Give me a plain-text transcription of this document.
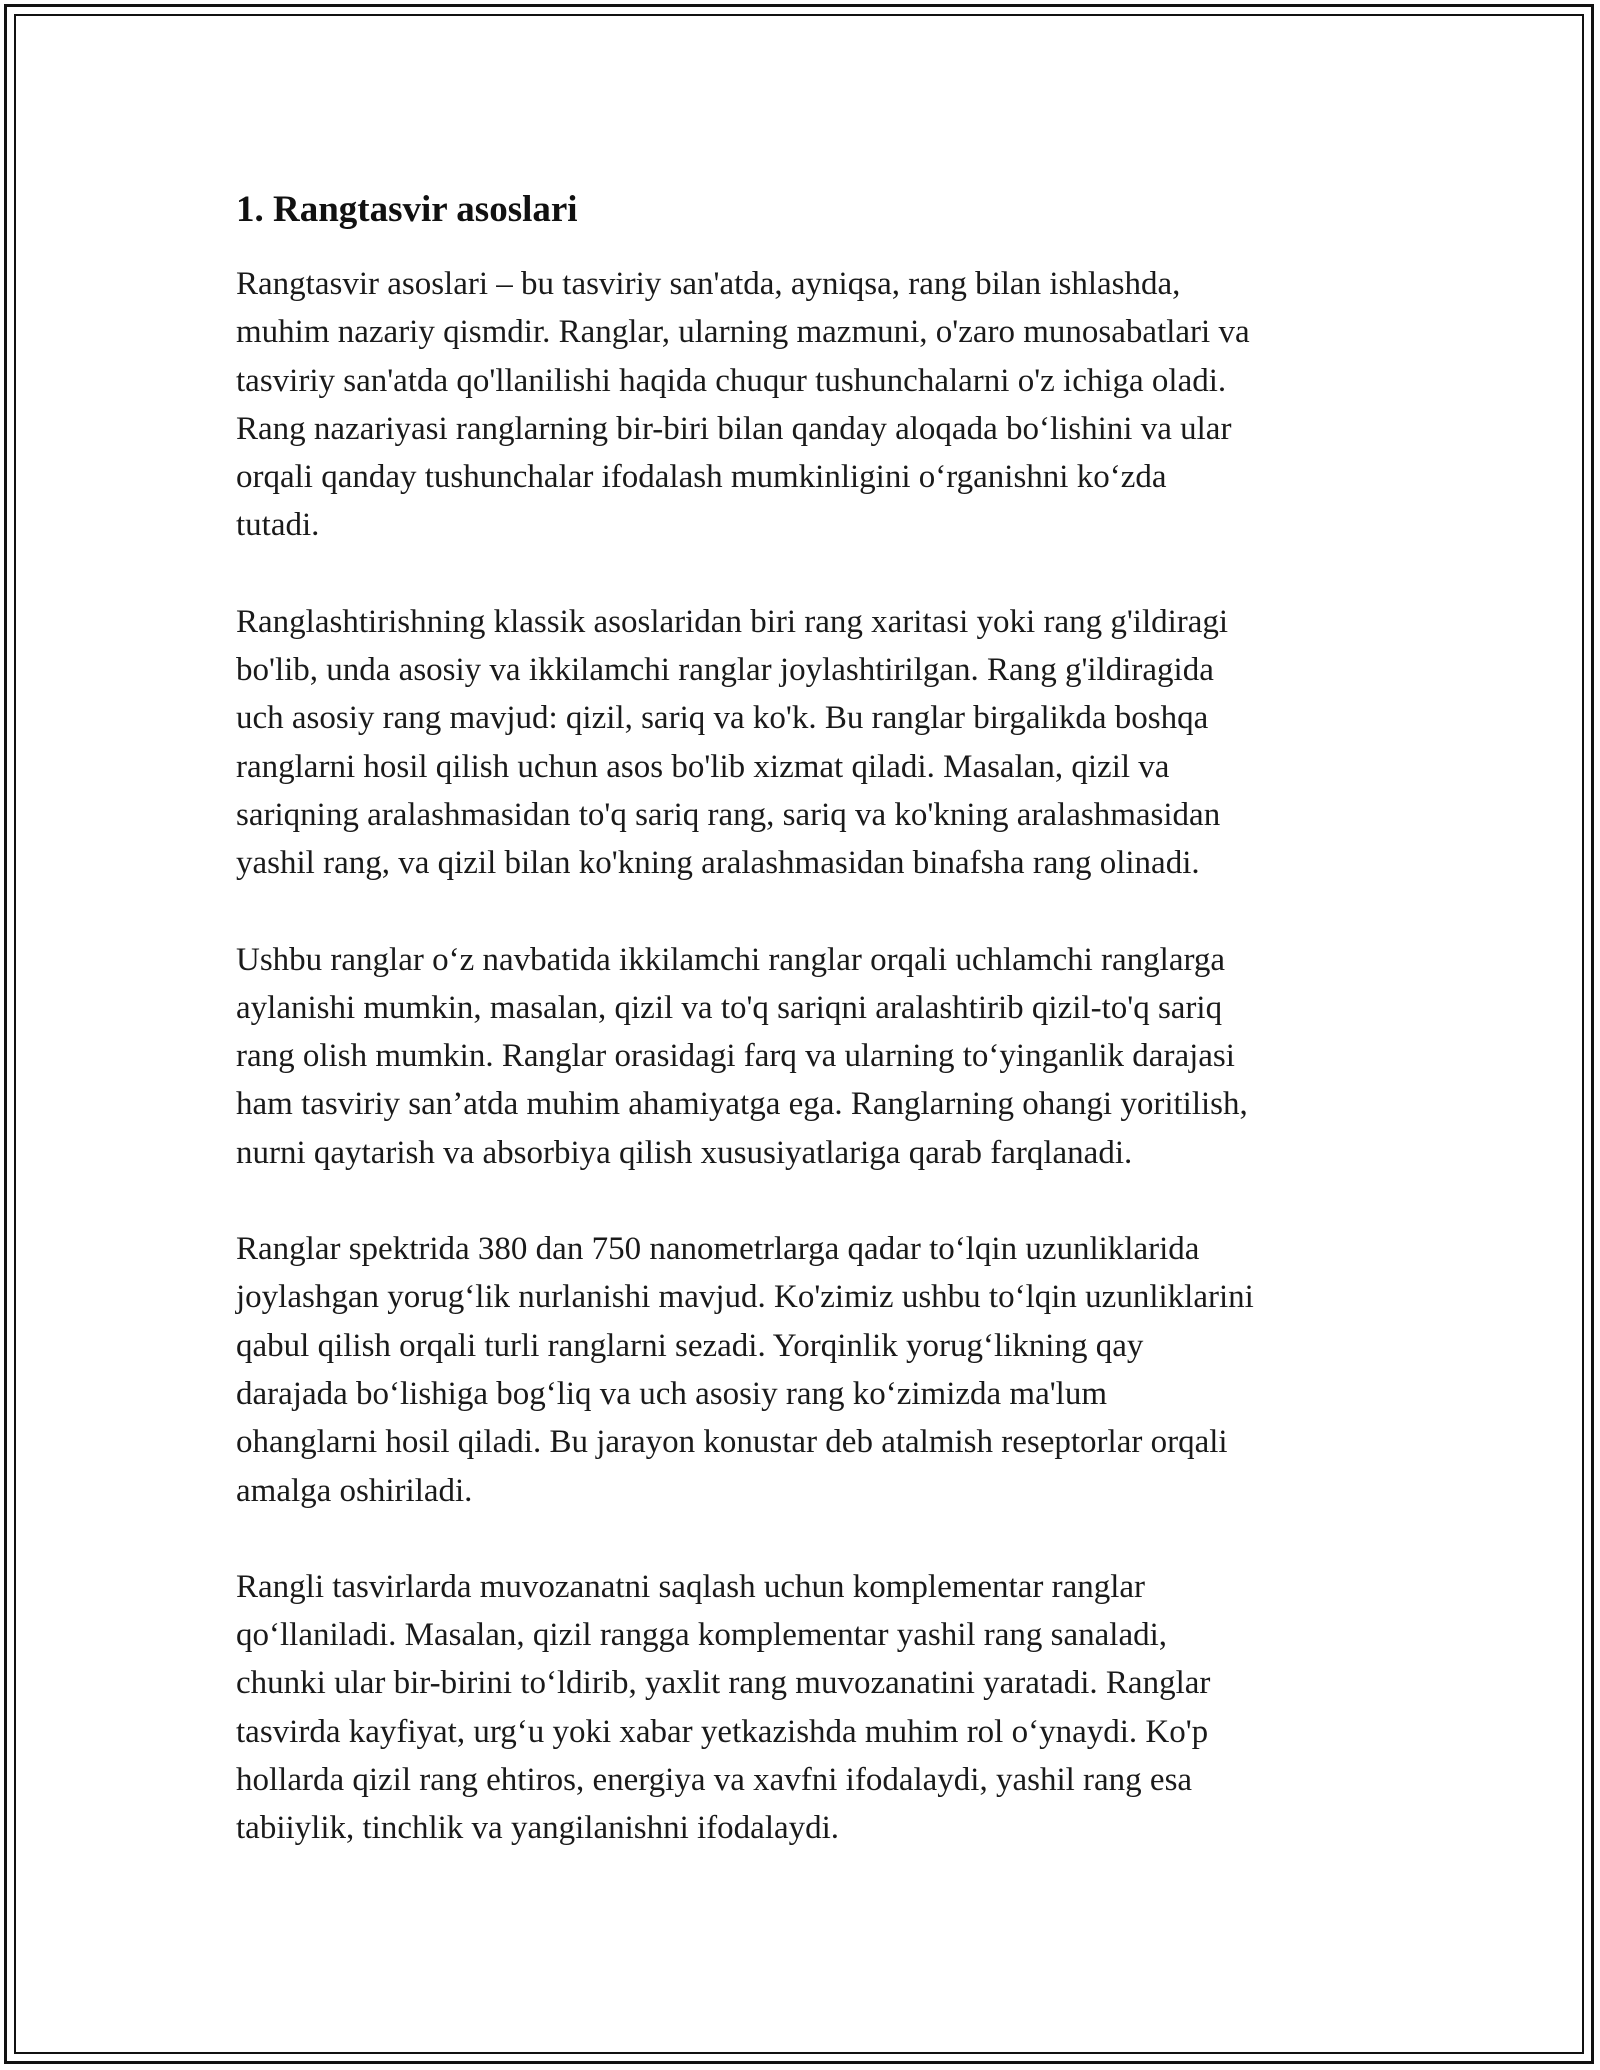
1. Rangtasvir asoslari

Rangtasvir asoslari – bu tasviriy san'atda, ayniqsa, rang bilan ishlashda,
muhim nazariy qismdir. Ranglar, ularning mazmuni, o'zaro munosabatlari va
tasviriy san'atda qo'llanilishi haqida chuqur tushunchalarni o'z ichiga oladi.
Rang nazariyasi ranglarning bir-biri bilan qanday aloqada bo‘lishini va ular
orqali qanday tushunchalar ifodalash mumkinligini o‘rganishni ko‘zda
tutadi.

Ranglashtirishning klassik asoslaridan biri rang xaritasi yoki rang g'ildiragi
bo'lib, unda asosiy va ikkilamchi ranglar joylashtirilgan. Rang g'ildiragida
uch asosiy rang mavjud: qizil, sariq va ko'k. Bu ranglar birgalikda boshqa
ranglarni hosil qilish uchun asos bo'lib xizmat qiladi. Masalan, qizil va
sariqning aralashmasidan to'q sariq rang, sariq va ko'kning aralashmasidan
yashil rang, va qizil bilan ko'kning aralashmasidan binafsha rang olinadi.

Ushbu ranglar o‘z navbatida ikkilamchi ranglar orqali uchlamchi ranglarga
aylanishi mumkin, masalan, qizil va to'q sariqni aralashtirib qizil-to'q sariq
rang olish mumkin. Ranglar orasidagi farq va ularning to‘yinganlik darajasi
ham tasviriy san’atda muhim ahamiyatga ega. Ranglarning ohangi yoritilish,
nurni qaytarish va absorbiya qilish xususiyatlariga qarab farqlanadi.

Ranglar spektrida 380 dan 750 nanometrlarga qadar to‘lqin uzunliklarida
joylashgan yorug‘lik nurlanishi mavjud. Ko'zimiz ushbu to‘lqin uzunliklarini
qabul qilish orqali turli ranglarni sezadi. Yorqinlik yorug‘likning qay
darajada bo‘lishiga bog‘liq va uch asosiy rang ko‘zimizda ma'lum
ohanglarni hosil qiladi. Bu jarayon konustar deb atalmish reseptorlar orqali
amalga oshiriladi.

Rangli tasvirlarda muvozanatni saqlash uchun komplementar ranglar
qo‘llaniladi. Masalan, qizil rangga komplementar yashil rang sanaladi,
chunki ular bir-birini to‘ldirib, yaxlit rang muvozanatini yaratadi. Ranglar
tasvirda kayfiyat, urg‘u yoki xabar yetkazishda muhim rol o‘ynaydi. Ko'p
hollarda qizil rang ehtiros, energiya va xavfni ifodalaydi, yashil rang esa
tabiiylik, tinchlik va yangilanishni ifodalaydi.
